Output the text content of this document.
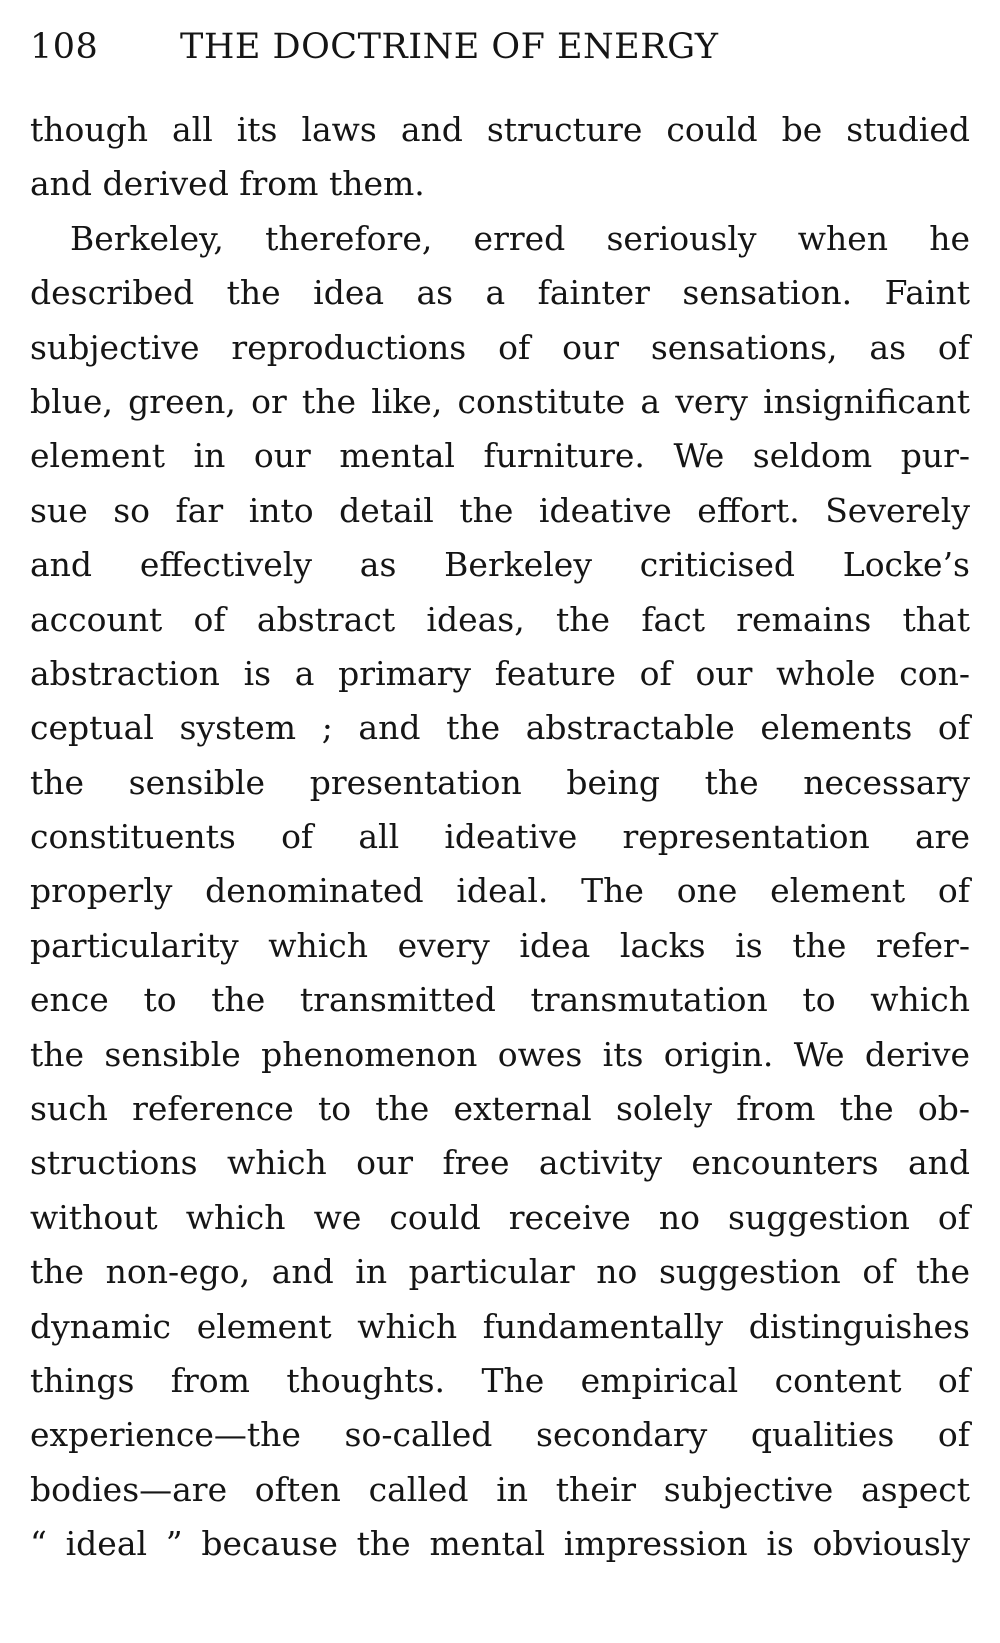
108 THE DOCTRINE OF ENERGY
though all its laws and structure could be studied
and derived from them.
Berkeley, therefore, erred seriously when he
described the idea as a fainter sensation. Faint
subjective reproductions of our sensations, as of
blue, green, or the like, constitute a very insignificant
element in our mental furniture. We seldom pur-
sue so far into detail the ideative effort. Severely
and effectively as Berkeley criticised Locke’s
account of abstract ideas, the fact remains that
abstraction is a primary feature of our whole con-
ceptual system ; and the abstractable elements of
the sensible presentation being the necessary
constituents of all ideative representation are
properly denominated ideal. The one element of
particularity which every idea lacks is the refer-
ence to the transmitted transmutation to which
the sensible phenomenon owes its origin. We derive
such reference to the external solely from the ob-
structions which our free activity encounters and
without which we could receive no suggestion of
the non-ego, and in particular no suggestion of the
dynamic element which fundamentally distinguishes
things from thoughts. The empirical content of
experience—the so-called secondary qualities of
bodies—are often called in their subjective aspect
“ ideal ” because the mental impression is obviously
